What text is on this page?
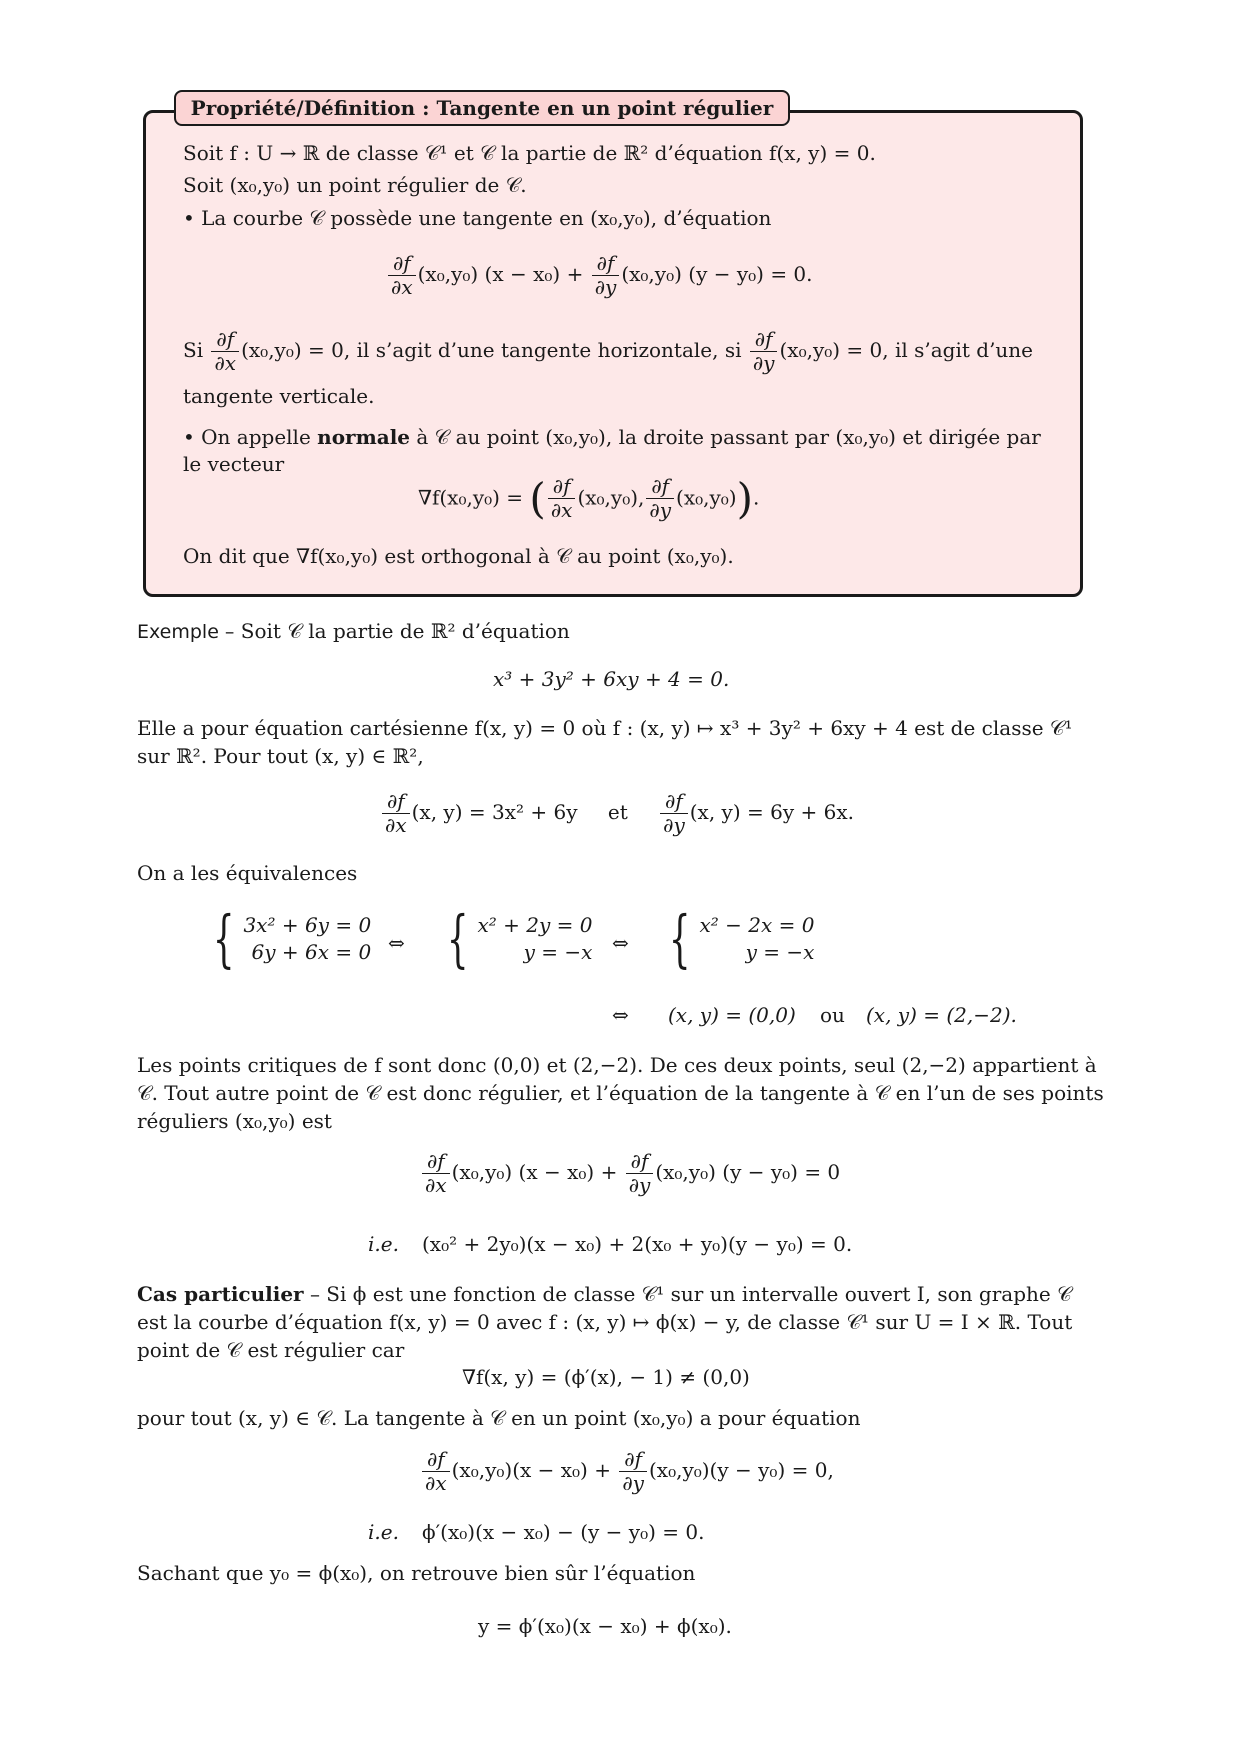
Propriété/Définition : Tangente en un point régulier
Soit f : U → ℝ de classe 𝒞¹ et 𝒞 la partie de ℝ² d’équation f(x, y) = 0.
Soit (x₀,y₀) un point régulier de 𝒞.
• La courbe 𝒞 possède une tangente en (x₀,y₀), d’équation
$\frac{\partial f}{\partial x} (x_0,y_0) (x - x_0) + \frac{\partial f}{\partial y} (x_0,y_0) (y - y_0) = 0$.
Si $\frac{\partial f}{\partial x} (x_0,y_0) = 0$, il s’agit d’une tangente horizontale, si $\frac{\partial f}{\partial y} (x_0,y_0) = 0$, il s’agit d’une
tangente verticale.
• On appelle normale à 𝒞 au point (x₀,y₀), la droite passant par (x₀,y₀) et dirigée par
le vecteur
∇f(x₀,y₀) = ( $\frac{\partial f}{\partial x} (x_0,y_0)$, $\frac{\partial f}{\partial y} (x_0,y_0)$).
On dit que ∇f(x₀,y₀) est orthogonal à 𝒞 au point (x₀,y₀).
Exemple – Soit 𝒞 la partie de ℝ² d’équation
x³ + 3y² + 6xy + 4 = 0.
Elle a pour équation cartésienne f(x, y) = 0 où f : (x, y) ↦ x³ + 3y² + 6xy + 4 est de classe 𝒞¹
sur ℝ². Pour tout (x, y) ∈ ℝ²,
$\frac{\partial f}{\partial x} (x$, y) = 3x² + 6y et $\frac{\partial f}{\partial y} (x$, y) = 6y + 6x.
On a les équivalences
{ 3x² + 6y = 0
6y + 6x = 0 ⇔ { x² + 2y = 0
y = −x ⇔ { x² − 2x = 0
y = −x
⇔ (x, y) = (0,0) ou (x, y) = (2,−2).
Les points critiques de f sont donc (0,0) et (2,−2). De ces deux points, seul (2,−2) appartient à
𝒞. Tout autre point de 𝒞 est donc régulier, et l’équation de la tangente à 𝒞 en l’un de ses points
réguliers (x₀,y₀) est
$\frac{\partial f}{\partial x} (x_0,y_0) (x - x_0) + \frac{\partial f}{\partial y} (x_0,y_0) (y - y_0) = 0$
i.e. (x₀² + 2y₀)(x − x₀) + 2(x₀ + y₀)(y − y₀) = 0.
Cas particulier – Si ϕ est une fonction de classe 𝒞¹ sur un intervalle ouvert I, son graphe 𝒞
est la courbe d’équation f(x, y) = 0 avec f : (x, y) ↦ ϕ(x) − y, de classe 𝒞¹ sur U = I × ℝ. Tout
point de 𝒞 est régulier car
∇f(x, y) = (ϕ′(x), − 1) ≠ (0,0)
pour tout (x, y) ∈ 𝒞. La tangente à 𝒞 en un point (x₀,y₀) a pour équation
$\frac{\partial f}{\partial x} (x_0,y_0)(x - x_0) + \frac{\partial f}{\partial y} (x_0,y_0)(y - y_0) = 0$,
i.e. ϕ′(x₀)(x − x₀) − (y − y₀) = 0.
Sachant que y₀ = ϕ(x₀), on retrouve bien sûr l’équation
y = ϕ′(x₀)(x − x₀) + ϕ(x₀).
